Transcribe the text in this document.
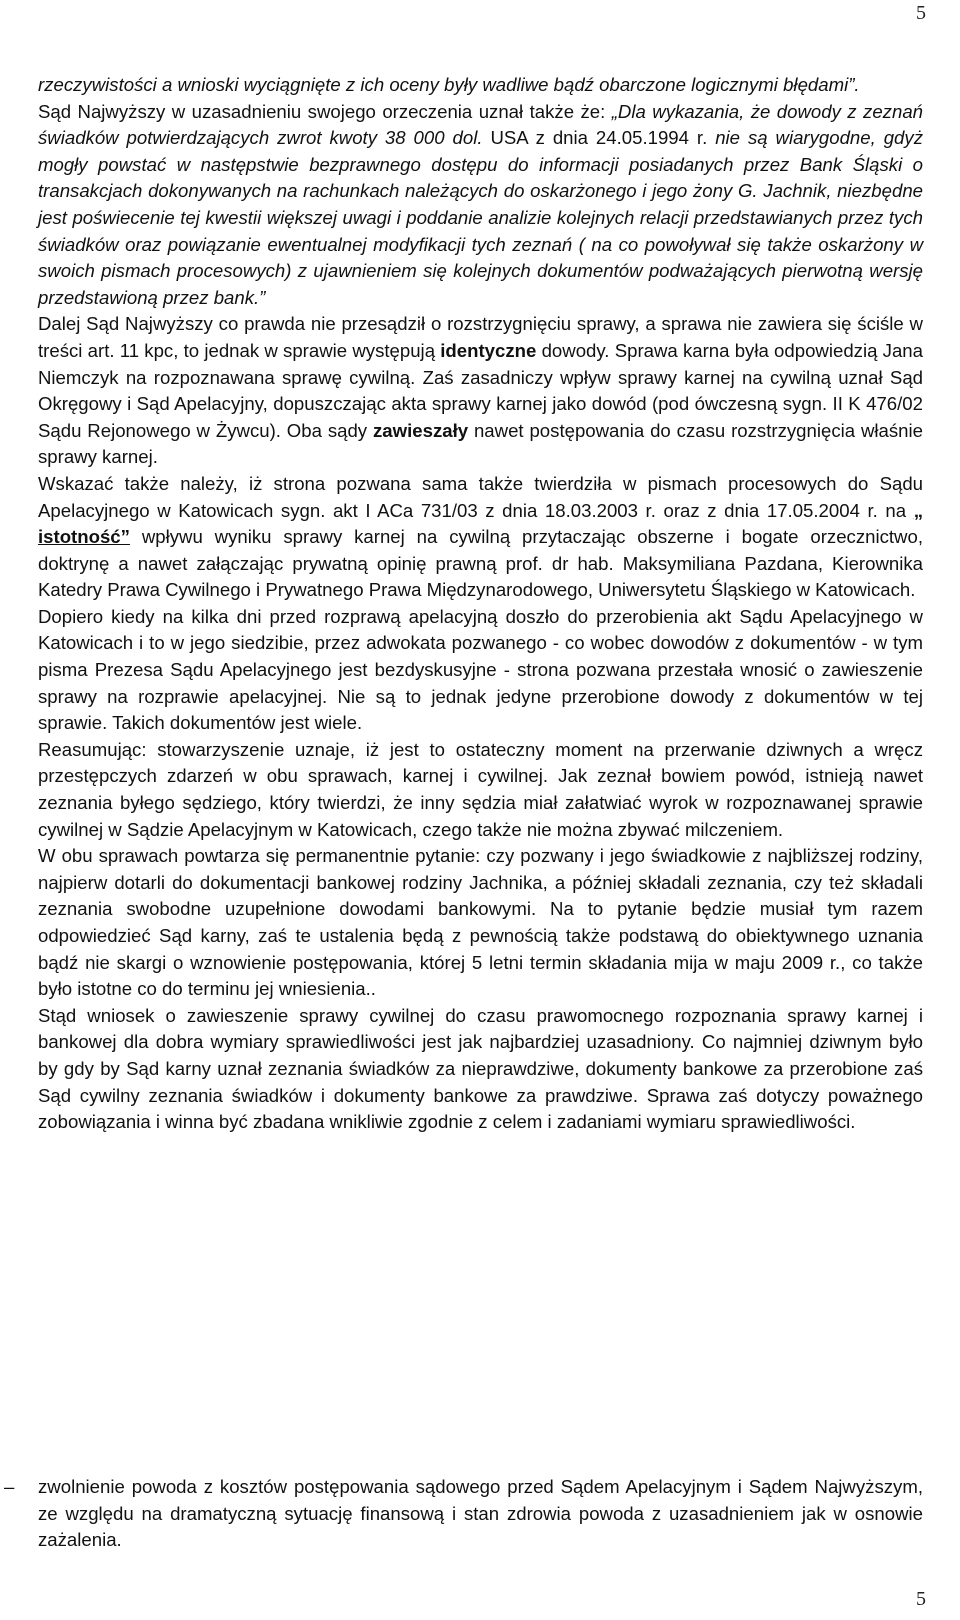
5

rzeczywistości a wnioski wyciągnięte z ich oceny były wadliwe bądź obarczone logicznymi błędami”.

Sąd Najwyższy w uzasadnieniu swojego orzeczenia uznał także że: „Dla wykazania, że dowody z zeznań świadków potwierdzających zwrot kwoty 38 000 dol. USA z dnia 24.05.1994 r. nie są wiarygodne, gdyż mogły powstać w następstwie bezprawnego dostępu do informacji posiadanych przez Bank Śląski o transakcjach dokonywanych na rachunkach należących do oskarżonego i jego żony G. Jachnik, niezbędne jest poświecenie tej kwestii większej uwagi i poddanie analizie kolejnych relacji przedstawianych przez tych świadków oraz powiązanie ewentualnej modyfikacji tych zeznań ( na co powoływał się także oskarżony w swoich pismach procesowych) z ujawnieniem się kolejnych dokumentów podważających pierwotną wersję przedstawioną przez bank.”

Dalej Sąd Najwyższy co prawda nie przesądził o rozstrzygnięciu sprawy, a sprawa nie zawiera się ściśle w treści art. 11 kpc, to jednak w sprawie występują identyczne dowody. Sprawa karna była odpowiedzią Jana Niemczyk na rozpoznawana sprawę cywilną. Zaś zasadniczy wpływ sprawy karnej na cywilną uznał Sąd Okręgowy i Sąd Apelacyjny, dopuszczając akta sprawy karnej jako dowód (pod ówczesną sygn. II K 476/02 Sądu Rejonowego w Żywcu). Oba sądy zawieszały nawet postępowania do czasu rozstrzygnięcia właśnie sprawy karnej.

Wskazać także należy, iż strona pozwana sama także twierdziła w pismach procesowych do Sądu Apelacyjnego w Katowicach sygn. akt I ACa 731/03 z dnia 18.03.2003 r. oraz z dnia 17.05.2004 r. na „ istotność” wpływu wyniku sprawy karnej na cywilną przytaczając obszerne i bogate orzecznictwo, doktrynę a nawet załączając prywatną opinię prawną prof. dr hab. Maksymiliana Pazdana, Kierownika Katedry Prawa Cywilnego i Prywatnego Prawa Międzynarodowego, Uniwersytetu Śląskiego w Katowicach.

Dopiero kiedy na kilka dni przed rozprawą apelacyjną doszło do przerobienia akt Sądu Apelacyjnego w Katowicach i to w jego siedzibie, przez adwokata pozwanego - co wobec dowodów z dokumentów - w tym pisma Prezesa Sądu Apelacyjnego jest bezdyskusyjne - strona pozwana przestała wnosić o zawieszenie sprawy na rozprawie apelacyjnej. Nie są to jednak jedyne przerobione dowody z dokumentów w tej sprawie. Takich dokumentów jest wiele.

Reasumując: stowarzyszenie uznaje, iż jest to ostateczny moment na przerwanie dziwnych a wręcz przestępczych zdarzeń w obu sprawach, karnej i cywilnej. Jak zeznał bowiem powód, istnieją nawet zeznania byłego sędziego, który twierdzi, że inny sędzia miał załatwiać wyrok w rozpoznawanej sprawie cywilnej w Sądzie Apelacyjnym w Katowicach, czego także nie można zbywać milczeniem.

W obu sprawach powtarza się permanentnie pytanie: czy pozwany i jego świadkowie z najbliższej rodziny, najpierw dotarli do dokumentacji bankowej rodziny Jachnika, a później składali zeznania, czy też składali zeznania swobodne uzupełnione dowodami bankowymi. Na to pytanie będzie musiał tym razem odpowiedzieć Sąd karny, zaś te ustalenia będą z pewnością także podstawą do obiektywnego uznania bądź nie skargi o wznowienie postępowania, której 5 letni termin składania mija w maju 2009 r., co także było istotne co do terminu jej wniesienia..

Stąd wniosek o zawieszenie sprawy cywilnej do czasu prawomocnego rozpoznania sprawy karnej i bankowej dla dobra wymiary sprawiedliwości jest jak najbardziej uzasadniony. Co najmniej dziwnym było by gdy by Sąd karny uznał zeznania świadków za nieprawdziwe, dokumenty bankowe za przerobione zaś Sąd cywilny zeznania świadków i dokumenty bankowe za prawdziwe. Sprawa zaś dotyczy poważnego zobowiązania i winna być zbadana wnikliwie zgodnie z celem i zadaniami wymiaru sprawiedliwości.

– zwolnienie powoda z kosztów postępowania sądowego przed Sądem Apelacyjnym i Sądem Najwyższym, ze względu na dramatyczną sytuację finansową i stan zdrowia powoda z uzasadnieniem jak w osnowie zażalenia.
5
